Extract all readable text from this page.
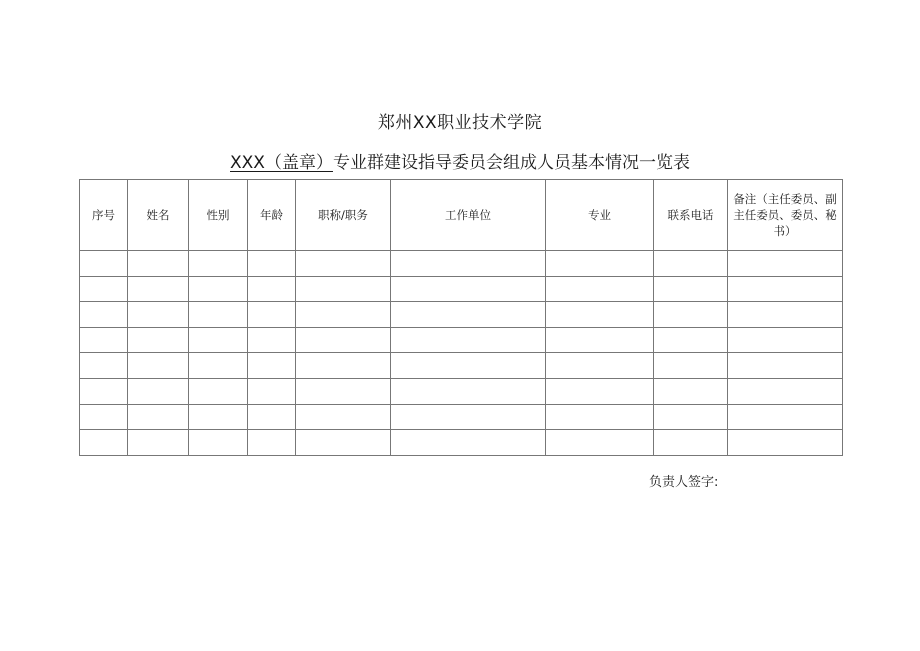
郑州XX职业技术学院
XXX（盖章）专业群建设指导委员会组成人员基本情况一览表
序号	姓名	性别	年龄	职称/职务	工作单位	专业	联系电话	备注（主任委员、副主任委员、委员、秘书）

负责人签字:
